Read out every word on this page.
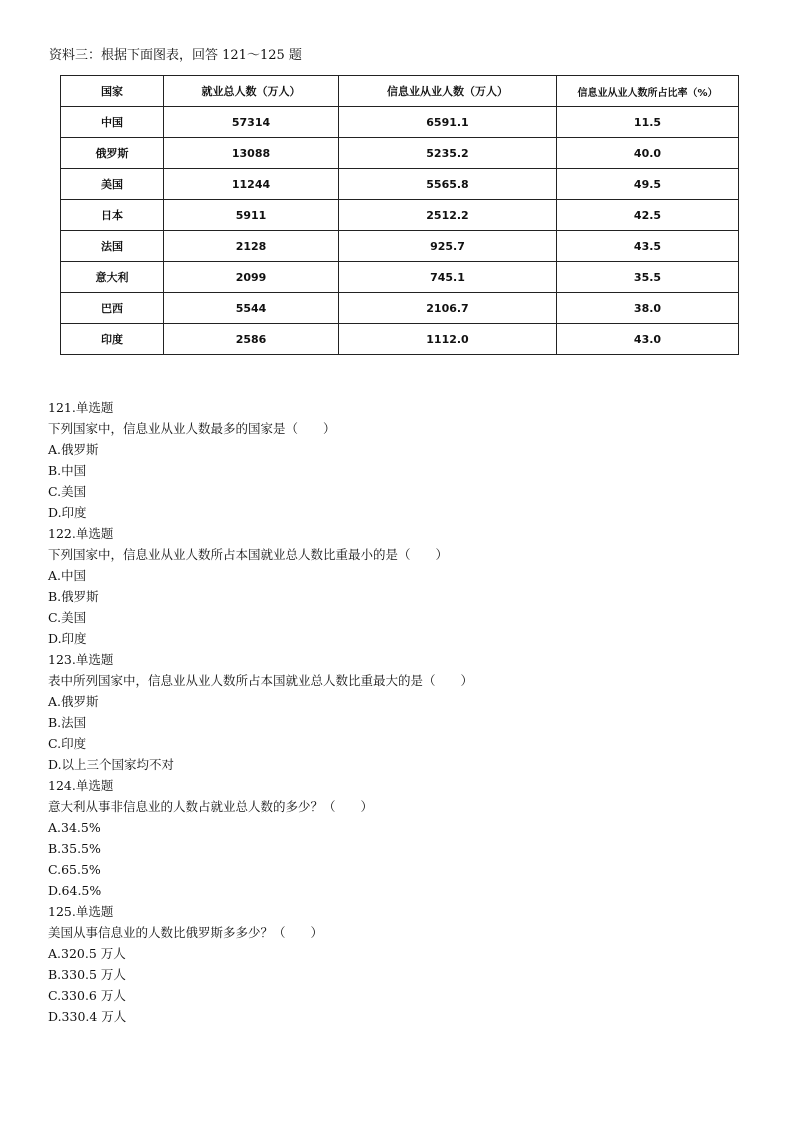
资料三：根据下面图表，回答 121～125 题
国家	就业总人数（万人）	信息业从业人数（万人）	信息业从业人数所占比率（%）
中国	57314	6591.1	11.5
俄罗斯	13088	5235.2	40.0
美国	11244	5565.8	49.5
日本	5911	2512.2	42.5
法国	2128	925.7	43.5
意大利	2099	745.1	35.5
巴西	5544	2106.7	38.0
印度	2586	1112.0	43.0
121.单选题
下列国家中，信息业从业人数最多的国家是（　　）
A.俄罗斯
B.中国
C.美国
D.印度
122.单选题
下列国家中，信息业从业人数所占本国就业总人数比重最小的是（　　）
A.中国
B.俄罗斯
C.美国
D.印度
123.单选题
表中所列国家中，信息业从业人数所占本国就业总人数比重最大的是（　　）
A.俄罗斯
B.法国
C.印度
D.以上三个国家均不对
124.单选题
意大利从事非信息业的人数占就业总人数的多少？（　　）
A.34.5%
B.35.5%
C.65.5%
D.64.5%
125.单选题
美国从事信息业的人数比俄罗斯多多少？（　　）
A.320.5 万人
B.330.5 万人
C.330.6 万人
D.330.4 万人
